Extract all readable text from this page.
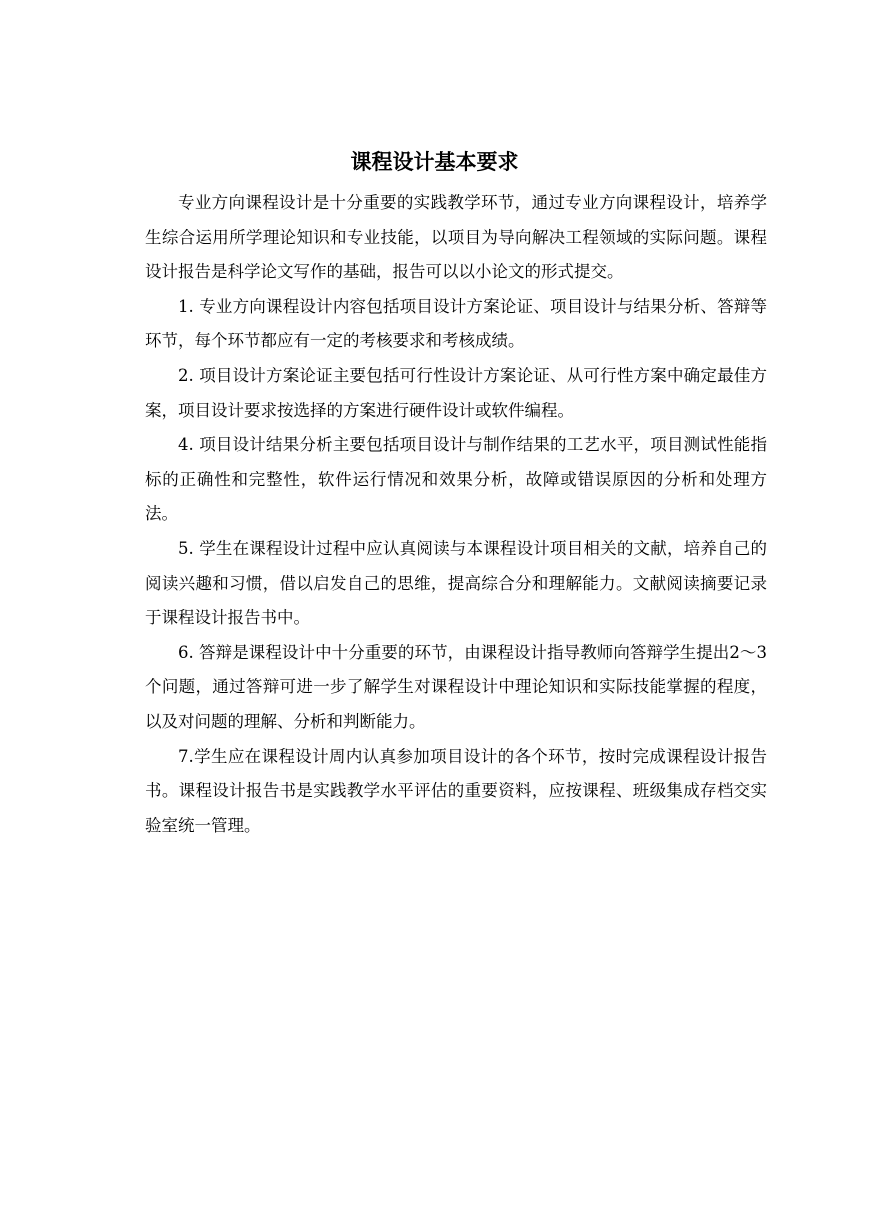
课程设计基本要求

专业方向课程设计是十分重要的实践教学环节，通过专业方向课程设计，培养学生综合运用所学理论知识和专业技能，以项目为导向解决工程领域的实际问题。课程设计报告是科学论文写作的基础，报告可以以小论文的形式提交。

1. 专业方向课程设计内容包括项目设计方案论证、项目设计与结果分析、答辩等环节，每个环节都应有一定的考核要求和考核成绩。

2. 项目设计方案论证主要包括可行性设计方案论证、从可行性方案中确定最佳方案，项目设计要求按选择的方案进行硬件设计或软件编程。

4. 项目设计结果分析主要包括项目设计与制作结果的工艺水平，项目测试性能指标的正确性和完整性，软件运行情况和效果分析，故障或错误原因的分析和处理方法。

5. 学生在课程设计过程中应认真阅读与本课程设计项目相关的文献，培养自己的阅读兴趣和习惯，借以启发自己的思维，提高综合分和理解能力。文献阅读摘要记录于课程设计报告书中。

6. 答辩是课程设计中十分重要的环节，由课程设计指导教师向答辩学生提出2～3 个问题，通过答辩可进一步了解学生对课程设计中理论知识和实际技能掌握的程度，以及对问题的理解、分析和判断能力。

7.学生应在课程设计周内认真参加项目设计的各个环节，按时完成课程设计报告书。课程设计报告书是实践教学水平评估的重要资料，应按课程、班级集成存档交实验室统一管理。
